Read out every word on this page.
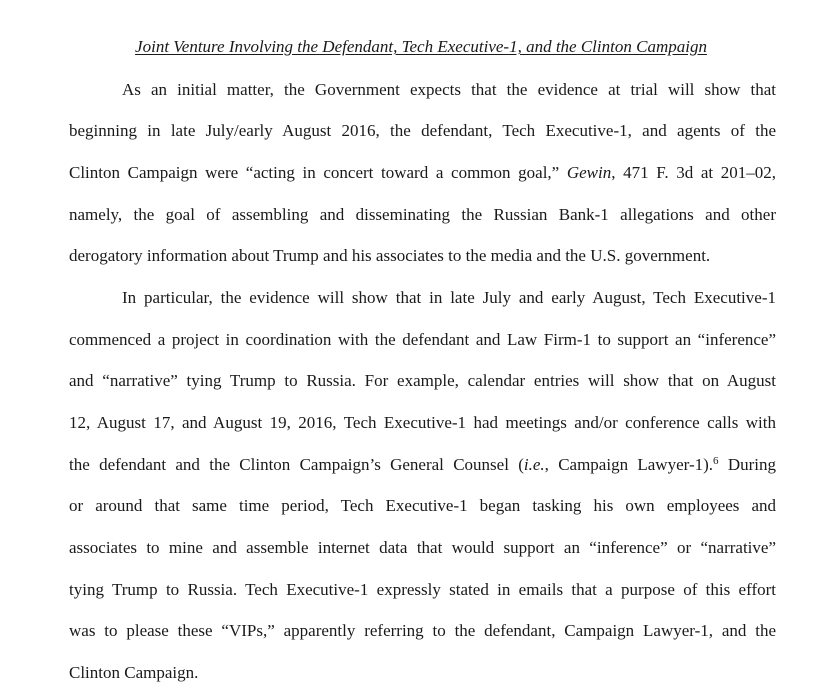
Joint Venture Involving the Defendant, Tech Executive-1, and the Clinton Campaign
As an initial matter, the Government expects that the evidence at trial will show that
beginning in late July/early August 2016, the defendant, Tech Executive-1, and agents of the
Clinton Campaign were “acting in concert toward a common goal,” Gewin, 471 F. 3d at 201–02,
namely, the goal of assembling and disseminating the Russian Bank-1 allegations and other
derogatory information about Trump and his associates to the media and the U.S. government.
In particular, the evidence will show that in late July and early August, Tech Executive-1
commenced a project in coordination with the defendant and Law Firm-1 to support an “inference”
and “narrative” tying Trump to Russia. For example, calendar entries will show that on August
12, August 17, and August 19, 2016, Tech Executive-1 had meetings and/or conference calls with
the defendant and the Clinton Campaign’s General Counsel (i.e., Campaign Lawyer-1).$^6$ During
or around that same time period, Tech Executive-1 began tasking his own employees and
associates to mine and assemble internet data that would support an “inference” or “narrative”
tying Trump to Russia. Tech Executive-1 expressly stated in emails that a purpose of this effort
was to please these “VIPs,” apparently referring to the defendant, Campaign Lawyer-1, and the
Clinton Campaign.
